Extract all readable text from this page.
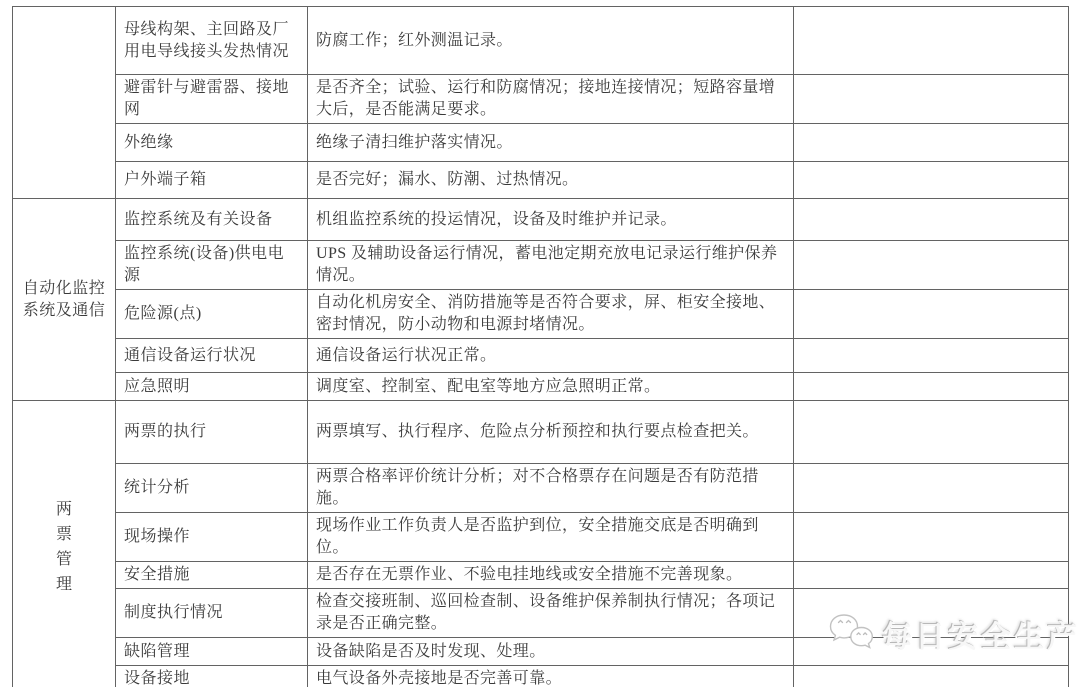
	母线构架、主回路及厂用电导线接头发热情况	防腐工作；红外测温记录。	
	避雷针与避雷器、接地网	是否齐全；试验、运行和防腐情况；接地连接情况；短路容量增大后，是否能满足要求。	
	外绝缘	绝缘子清扫维护落实情况。	
	户外端子箱	是否完好；漏水、防潮、过热情况。	
自动化监控系统及通信	监控系统及有关设备	机组监控系统的投运情况，设备及时维护并记录。	
	监控系统(设备)供电电源	UPS 及辅助设备运行情况，蓄电池定期充放电记录运行维护保养情况。	
	危险源(点)	自动化机房安全、消防措施等是否符合要求，屏、柜安全接地、密封情况，防小动物和电源封堵情况。	
	通信设备运行状况	通信设备运行状况正常。	
	应急照明	调度室、控制室、配电室等地方应急照明正常。	
两票管理	两票的执行	两票填写、执行程序、危险点分析预控和执行要点检查把关。	
	统计分析	两票合格率评价统计分析；对不合格票存在问题是否有防范措施。	
	现场操作	现场作业工作负责人是否监护到位，安全措施交底是否明确到位。	
	安全措施	是否存在无票作业、不验电挂地线或安全措施不完善现象。	
	制度执行情况	检查交接班制、巡回检查制、设备维护保养制执行情况；各项记录是否正确完整。	
	缺陷管理	设备缺陷是否及时发现、处理。	
	设备接地	电气设备外壳接地是否完善可靠。	
每日安全生产
